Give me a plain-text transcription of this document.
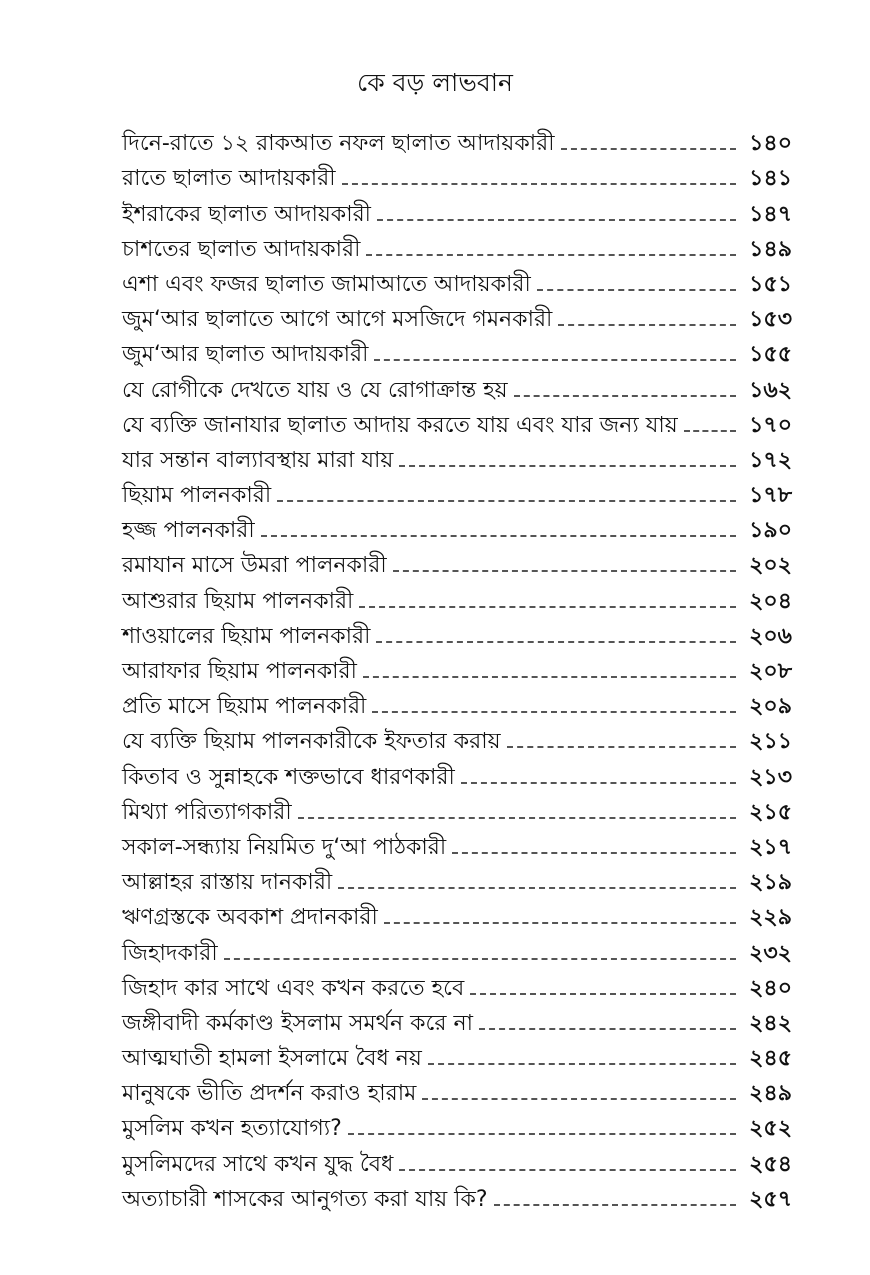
কে বড় লাভবান
দিনে-রাতে ১২ রাকআত নফল ছালাত আদায়কারী	১৪০
রাতে ছালাত আদায়কারী	১৪১
ইশরাকের ছালাত আদায়কারী	১৪৭
চাশতের ছালাত আদায়কারী	১৪৯
এশা এবং ফজর ছালাত জামাআতে আদায়কারী	১৫১
জুম‘আর ছালাতে আগে আগে মসজিদে গমনকারী	১৫৩
জুম‘আর ছালাত আদায়কারী	১৫৫
যে রোগীকে দেখতে যায় ও যে রোগাক্রান্ত হয়	১৬২
যে ব্যক্তি জানাযার ছালাত আদায় করতে যায় এবং যার জন্য যায়	১৭০
যার সন্তান বাল্যাবস্থায় মারা যায়	১৭২
ছিয়াম পালনকারী	১৭৮
হজ্জ পালনকারী	১৯০
রমাযান মাসে উমরা পালনকারী	২০২
আশুরার ছিয়াম পালনকারী	২০৪
শাওয়ালের ছিয়াম পালনকারী	২০৬
আরাফার ছিয়াম পালনকারী	২০৮
প্রতি মাসে ছিয়াম পালনকারী	২০৯
যে ব্যক্তি ছিয়াম পালনকারীকে ইফতার করায়	২১১
কিতাব ও সুন্নাহকে শক্তভাবে ধারণকারী	২১৩
মিথ্যা পরিত্যাগকারী	২১৫
সকাল-সন্ধ্যায় নিয়মিত দু‘আ পাঠকারী	২১৭
আল্লাহর রাস্তায় দানকারী	২১৯
ঋণগ্রস্তকে অবকাশ প্রদানকারী	২২৯
জিহাদকারী	২৩২
জিহাদ কার সাথে এবং কখন করতে হবে	২৪০
জঙ্গীবাদী কর্মকাণ্ড ইসলাম সমর্থন করে না	২৪২
আত্মঘাতী হামলা ইসলামে বৈধ নয়	২৪৫
মানুষকে ভীতি প্রদর্শন করাও হারাম	২৪৯
মুসলিম কখন হত্যাযোগ্য?	২৫২
মুসলিমদের সাথে কখন যুদ্ধ বৈধ	২৫৪
অত্যাচারী শাসকের আনুগত্য করা যায় কি?	২৫৭
